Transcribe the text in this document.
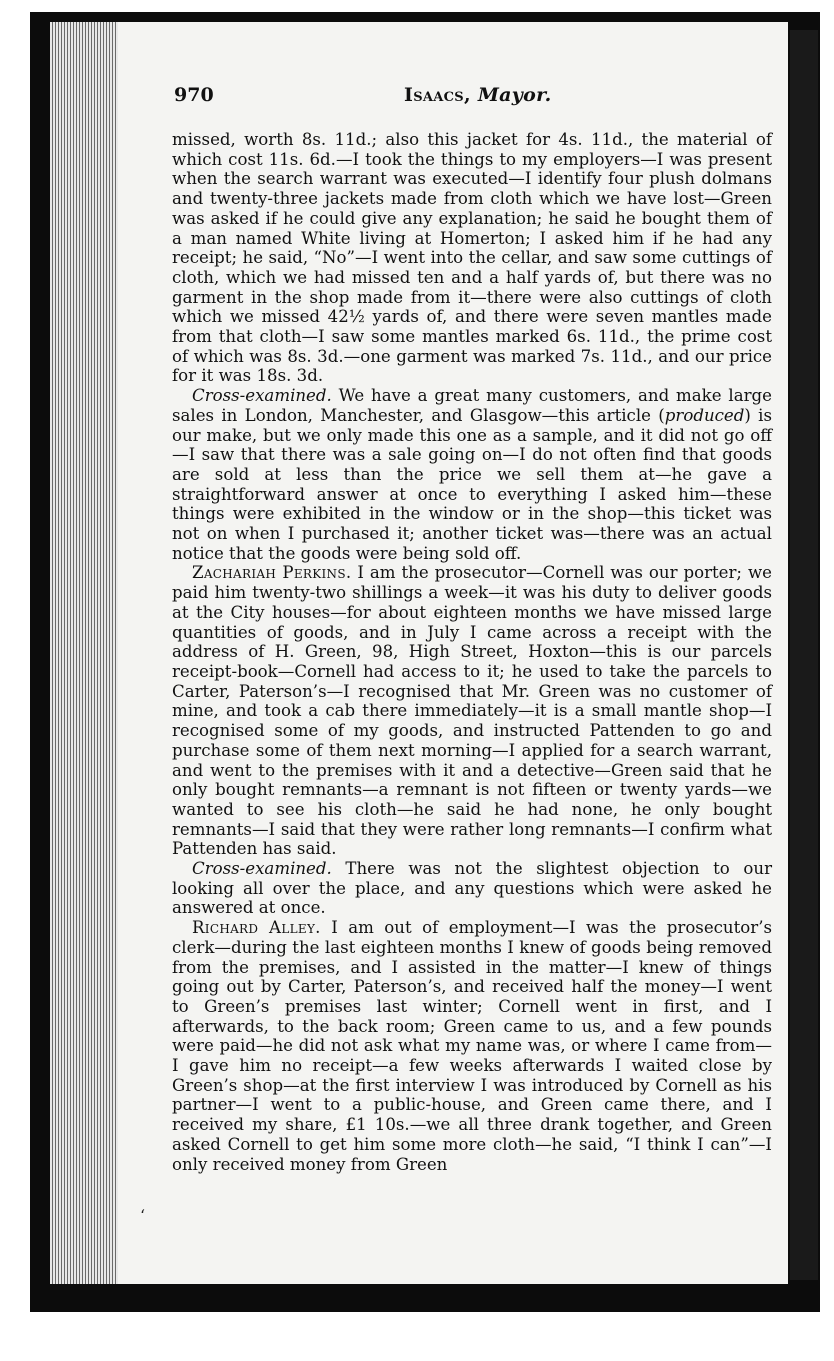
970	Isaacs, Mayor.

missed, worth 8s. 11d.; also this jacket for 4s. 11d., the material of which cost 11s. 6d.—I took the things to my employers—I was present when the search warrant was executed—I identify four plush dolmans and twenty-three jackets made from cloth which we have lost—Green was asked if he could give any explanation; he said he bought them of a man named White living at Homerton; I asked him if he had any receipt; he said, “No”—I went into the cellar, and saw some cuttings of cloth, which we had missed ten and a half yards of, but there was no garment in the shop made from it—there were also cuttings of cloth which we missed 42½ yards of, and there were seven mantles made from that cloth—I saw some mantles marked 6s. 11d., the prime cost of which was 8s. 3d.—one garment was marked 7s. 11d., and our price for it was 18s. 3d.

Cross-examined. We have a great many customers, and make large sales in London, Manchester, and Glasgow—this article (produced) is our make, but we only made this one as a sample, and it did not go off—I saw that there was a sale going on—I do not often find that goods are sold at less than the price we sell them at—he gave a straightforward answer at once to everything I asked him—these things were exhibited in the window or in the shop—this ticket was not on when I purchased it; another ticket was—there was an actual notice that the goods were being sold off.

Zachariah Perkins. I am the prosecutor—Cornell was our porter; we paid him twenty-two shillings a week—it was his duty to deliver goods at the City houses—for about eighteen months we have missed large quantities of goods, and in July I came across a receipt with the address of H. Green, 98, High Street, Hoxton—this is our parcels receipt-book—Cornell had access to it; he used to take the parcels to Carter, Paterson’s—I recognised that Mr. Green was no customer of mine, and took a cab there immediately—it is a small mantle shop—I recognised some of my goods, and instructed Pattenden to go and purchase some of them next morning—I applied for a search warrant, and went to the premises with it and a detective—Green said that he only bought remnants—a remnant is not fifteen or twenty yards—we wanted to see his cloth—he said he had none, he only bought remnants—I said that they were rather long remnants—I confirm what Pattenden has said.

Cross-examined. There was not the slightest objection to our looking all over the place, and any questions which were asked he answered at once.

Richard Alley. I am out of employment—I was the prosecutor’s clerk—during the last eighteen months I knew of goods being removed from the premises, and I assisted in the matter—I knew of things going out by Carter, Paterson’s, and received half the money—I went to Green’s premises last winter; Cornell went in first, and I afterwards, to the back room; Green came to us, and a few pounds were paid—he did not ask what my name was, or where I came from—I gave him no receipt—a few weeks afterwards I waited close by Green’s shop—at the first interview I was introduced by Cornell as his partner—I went to a public-house, and Green came there, and I received my share, £1 10s.—we all three drank together, and Green asked Cornell to get him some more cloth—he said, “I think I can”—I only received money from Green

‘
